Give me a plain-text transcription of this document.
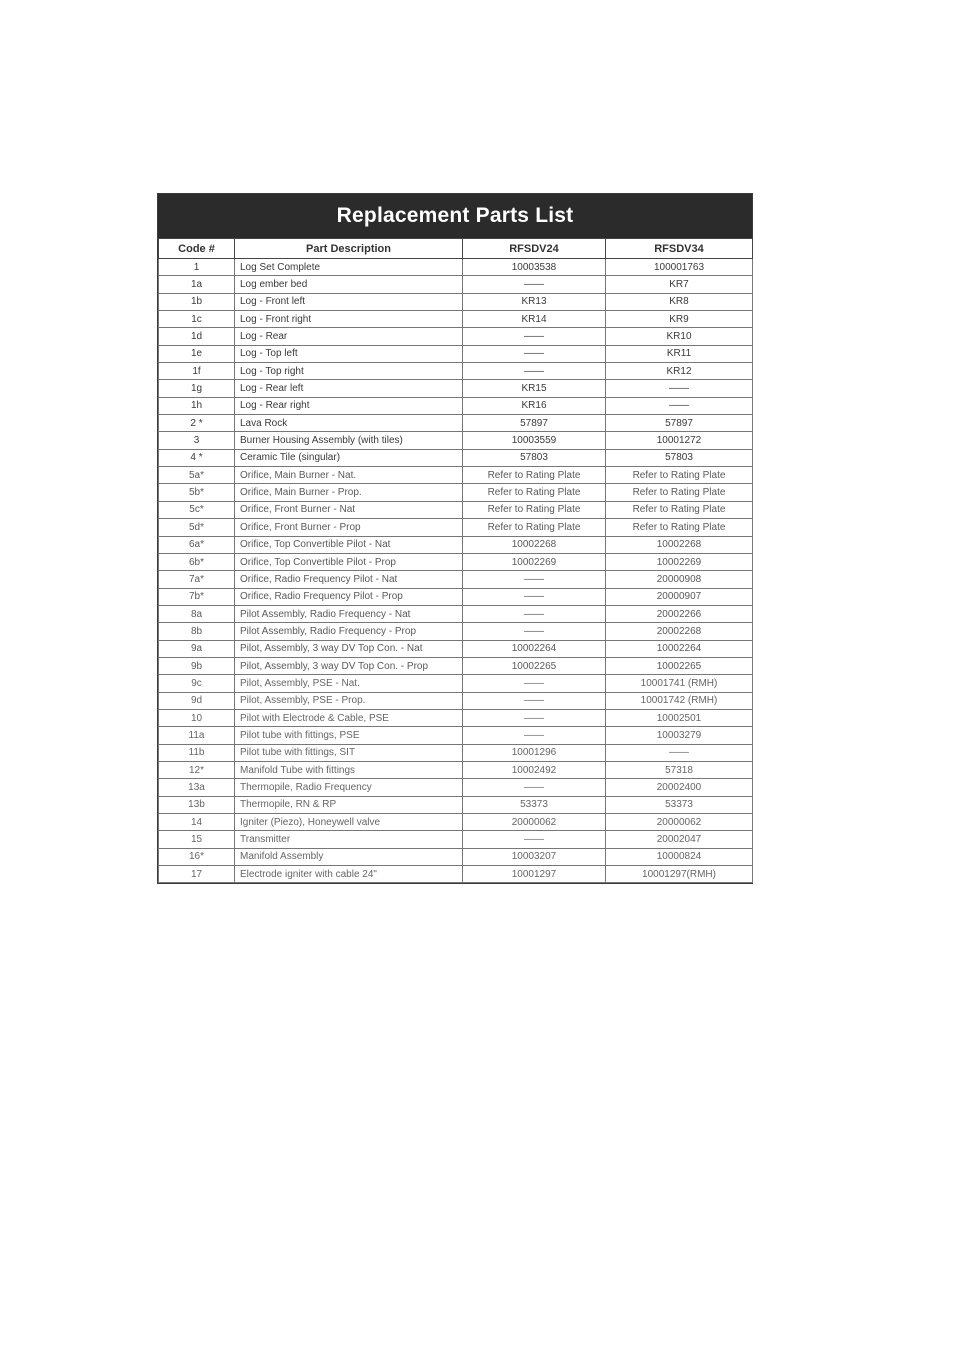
Replacement Parts List
Code #	Part Description	RFSDV24	RFSDV34
1	Log Set Complete	10003538	100001763
1a	Log ember bed	——	KR7
1b	Log - Front left	KR13	KR8
1c	Log - Front right	KR14	KR9
1d	Log - Rear	——	KR10
1e	Log - Top left	——	KR11
1f	Log - Top right	——	KR12
1g	Log - Rear left	KR15	——
1h	Log - Rear right	KR16	——
2 *	Lava Rock	57897	57897
3	Burner Housing Assembly (with tiles)	10003559	10001272
4 *	Ceramic Tile (singular)	57803	57803
5a*	Orifice, Main Burner - Nat.	Refer to Rating Plate	Refer to Rating Plate
5b*	Orifice, Main Burner - Prop.	Refer to Rating Plate	Refer to Rating Plate
5c*	Orifice, Front Burner - Nat	Refer to Rating Plate	Refer to Rating Plate
5d*	Orifice, Front Burner - Prop	Refer to Rating Plate	Refer to Rating Plate
6a*	Orifice, Top Convertible Pilot - Nat	10002268	10002268
6b*	Orifice, Top Convertible Pilot - Prop	10002269	10002269
7a*	Orifice, Radio Frequency Pilot - Nat	——	20000908
7b*	Orifice, Radio Frequency Pilot - Prop	——	20000907
8a	Pilot Assembly, Radio Frequency - Nat	——	20002266
8b	Pilot Assembly, Radio Frequency - Prop	——	20002268
9a	Pilot, Assembly, 3 way DV Top Con. - Nat	10002264	10002264
9b	Pilot, Assembly, 3 way DV Top Con. - Prop	10002265	10002265
9c	Pilot, Assembly, PSE - Nat.	——	10001741 (RMH)
9d	Pilot, Assembly, PSE - Prop.	——	10001742 (RMH)
10	Pilot with Electrode & Cable, PSE	——	10002501
11a	Pilot tube with fittings, PSE	——	10003279
11b	Pilot tube with fittings, SIT	10001296	——
12*	Manifold Tube with fittings	10002492	57318
13a	Thermopile, Radio Frequency	——	20002400
13b	Thermopile, RN & RP	53373	53373
14	Igniter (Piezo), Honeywell valve	20000062	20000062
15	Transmitter	——	20002047
16*	Manifold Assembly	10003207	10000824
17	Electrode igniter with cable 24"	10001297	10001297(RMH)
